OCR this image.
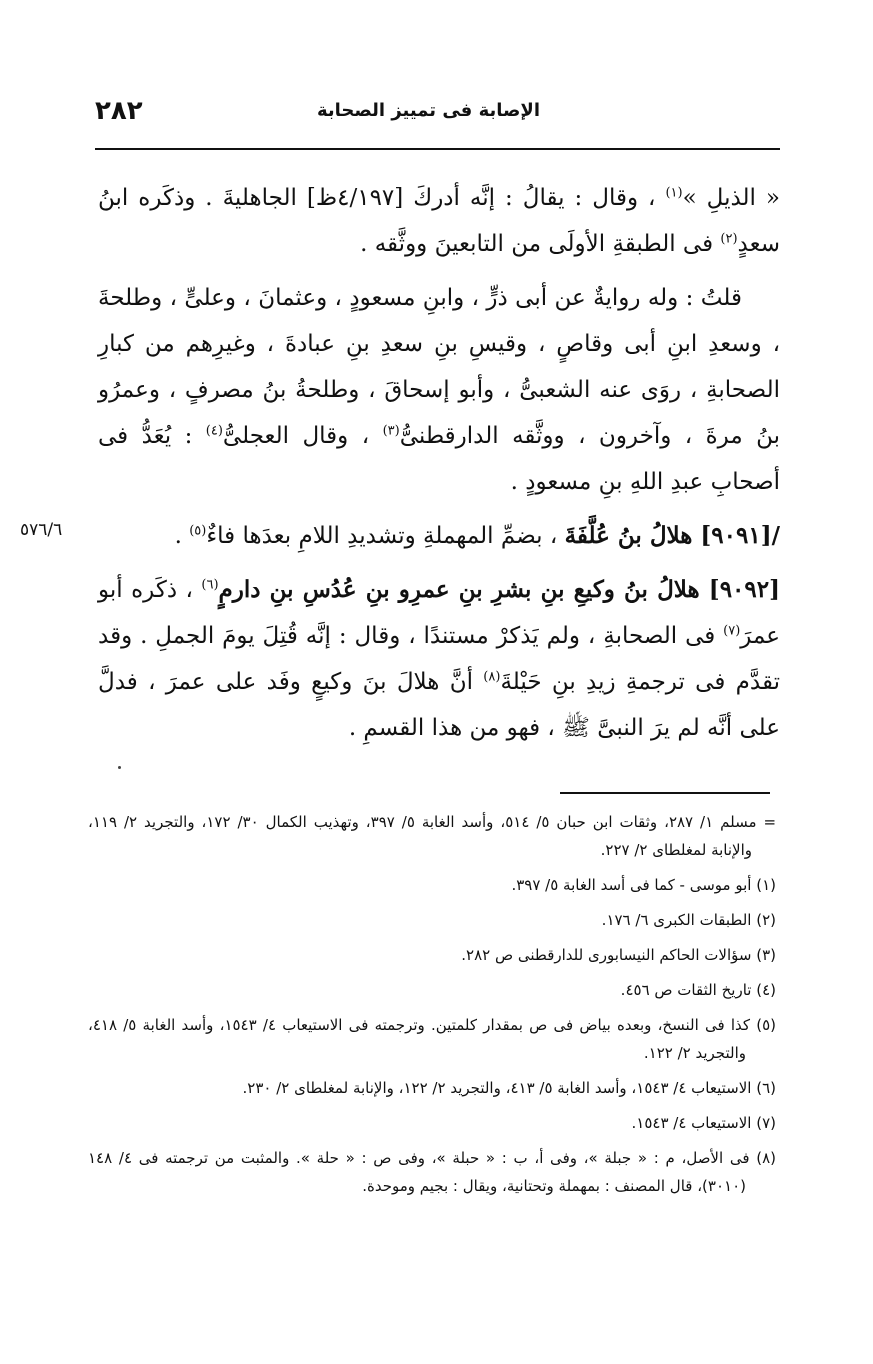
٢٨٢	الإصابة فى تمييز الصحابة
٥٧٦/٦

« الذيلِ »$^{(١)}$ ، وقال : يقالُ : إنَّه أدركَ [٤/١٩٧ظ] الجاهليةَ . وذكَره ابنُ سعدٍ$^{(٢)}$ فى الطبقةِ الأولَى من التابعينَ ووثَّقه .

قلتُ : وله روايةٌ عن أبى ذرٍّ ، وابنِ مسعودٍ ، وعثمانَ ، وعلىٍّ ، وطلحةَ ، وسعدِ ابنِ أبى وقاصٍ ، وقيسِ بنِ سعدِ بنِ عبادةَ ، وغيرِهم من كبارِ الصحابةِ ، روَى عنه الشعبىُّ ، وأبو إسحاقَ ، وطلحةُ بنُ مصرفٍ ، وعمرُو بنُ مرةَ ، وآخرون ، ووثَّقه الدارقطنىُّ$^{(٣)}$ ، وقال العجلىُّ$^{(٤)}$ : يُعَدُّ فى أصحابِ عبدِ اللهِ بنِ مسعودٍ .

/[٩٠٩١] هلالُ بنُ عُلَّفَةَ ، بضمِّ المهملةِ وتشديدِ اللامِ بعدَها فاءٌ$^{(٥)}$ .

[٩٠٩٢] هلالُ بنُ وكيعِ بنِ بشرِ بنِ عمرِو بنِ عُدُسِ بنِ دارمٍ$^{(٦)}$ ، ذكَره أبو عمرَ$^{(٧)}$ فى الصحابةِ ، ولم يَذكرْ مستندًا ، وقال : إنَّه قُتِلَ يومَ الجملِ . وقد تقدَّم فى ترجمةِ زيدِ بنِ حَيْلةَ$^{(٨)}$ أنَّ هلالَ بنَ وكيعٍ وفَد على عمرَ ، فدلَّ على أنَّه لم يرَ النبىَّ ﷺ ، فهو من هذا القسمِ .

= مسلم ١/ ٢٨٧، وثقات ابن حبان ٥/ ٥١٤، وأسد الغابة ٥/ ٣٩٧، وتهذيب الكمال ٣٠/ ١٧٢، والتجريد ٢/ ١١٩، والإنابة لمغلطاى ٢/ ٢٢٧.

(١) أبو موسى - كما فى أسد الغابة ٥/ ٣٩٧.

(٢) الطبقات الكبرى ٦/ ١٧٦.

(٣) سؤالات الحاكم النيسابورى للدارقطنى ص ٢٨٢.

(٤) تاريخ الثقات ص ٤٥٦.

(٥) كذا فى النسخ، وبعده بياض فى ص بمقدار كلمتين. وترجمته فى الاستيعاب ٤/ ١٥٤٣، وأسد الغابة ٥/ ٤١٨، والتجريد ٢/ ١٢٢.

(٦) الاستيعاب ٤/ ١٥٤٣، وأسد الغابة ٥/ ٤١٣، والتجريد ٢/ ١٢٢، والإنابة لمغلطاى ٢/ ٢٣٠.

(٧) الاستيعاب ٤/ ١٥٤٣.

(٨) فى الأصل، م : « جبلة »، وفى أ، ب : « حبلة »، وفى ص : « حلة ». والمثبت من ترجمته فى ٤/ ١٤٨ (٣٠١٠)، قال المصنف : بمهملة وتحتانية، ويقال : بجيم وموحدة.
